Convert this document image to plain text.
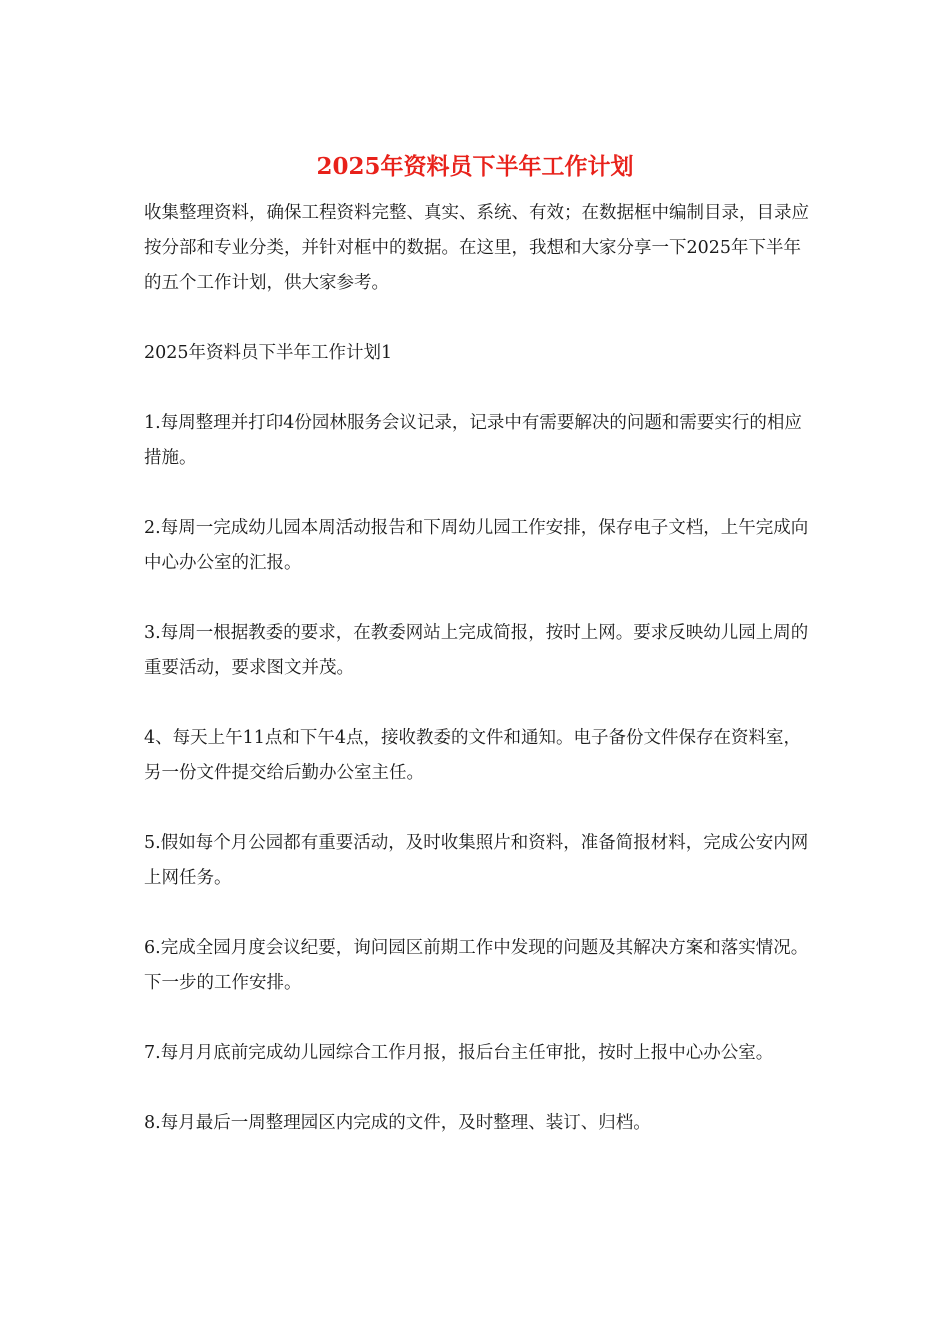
2025年资料员下半年工作计划

收集整理资料，确保工程资料完整、真实、系统、有效；在数据框中编制目录，目录应按分部和专业分类，并针对框中的数据。在这里，我想和大家分享一下2025年下半年的五个工作计划，供大家参考。

2025年资料员下半年工作计划1

1.每周整理并打印4份园林服务会议记录，记录中有需要解决的问题和需要实行的相应措施。

2.每周一完成幼儿园本周活动报告和下周幼儿园工作安排，保存电子文档，上午完成向中心办公室的汇报。

3.每周一根据教委的要求，在教委网站上完成简报，按时上网。要求反映幼儿园上周的重要活动，要求图文并茂。

4、每天上午11点和下午4点，接收教委的文件和通知。电子备份文件保存在资料室，另一份文件提交给后勤办公室主任。

5.假如每个月公园都有重要活动，及时收集照片和资料，准备简报材料，完成公安内网上网任务。

6.完成全园月度会议纪要，询问园区前期工作中发现的问题及其解决方案和落实情况。下一步的工作安排。

7.每月月底前完成幼儿园综合工作月报，报后台主任审批，按时上报中心办公室。

8.每月最后一周整理园区内完成的文件，及时整理、装订、归档。
